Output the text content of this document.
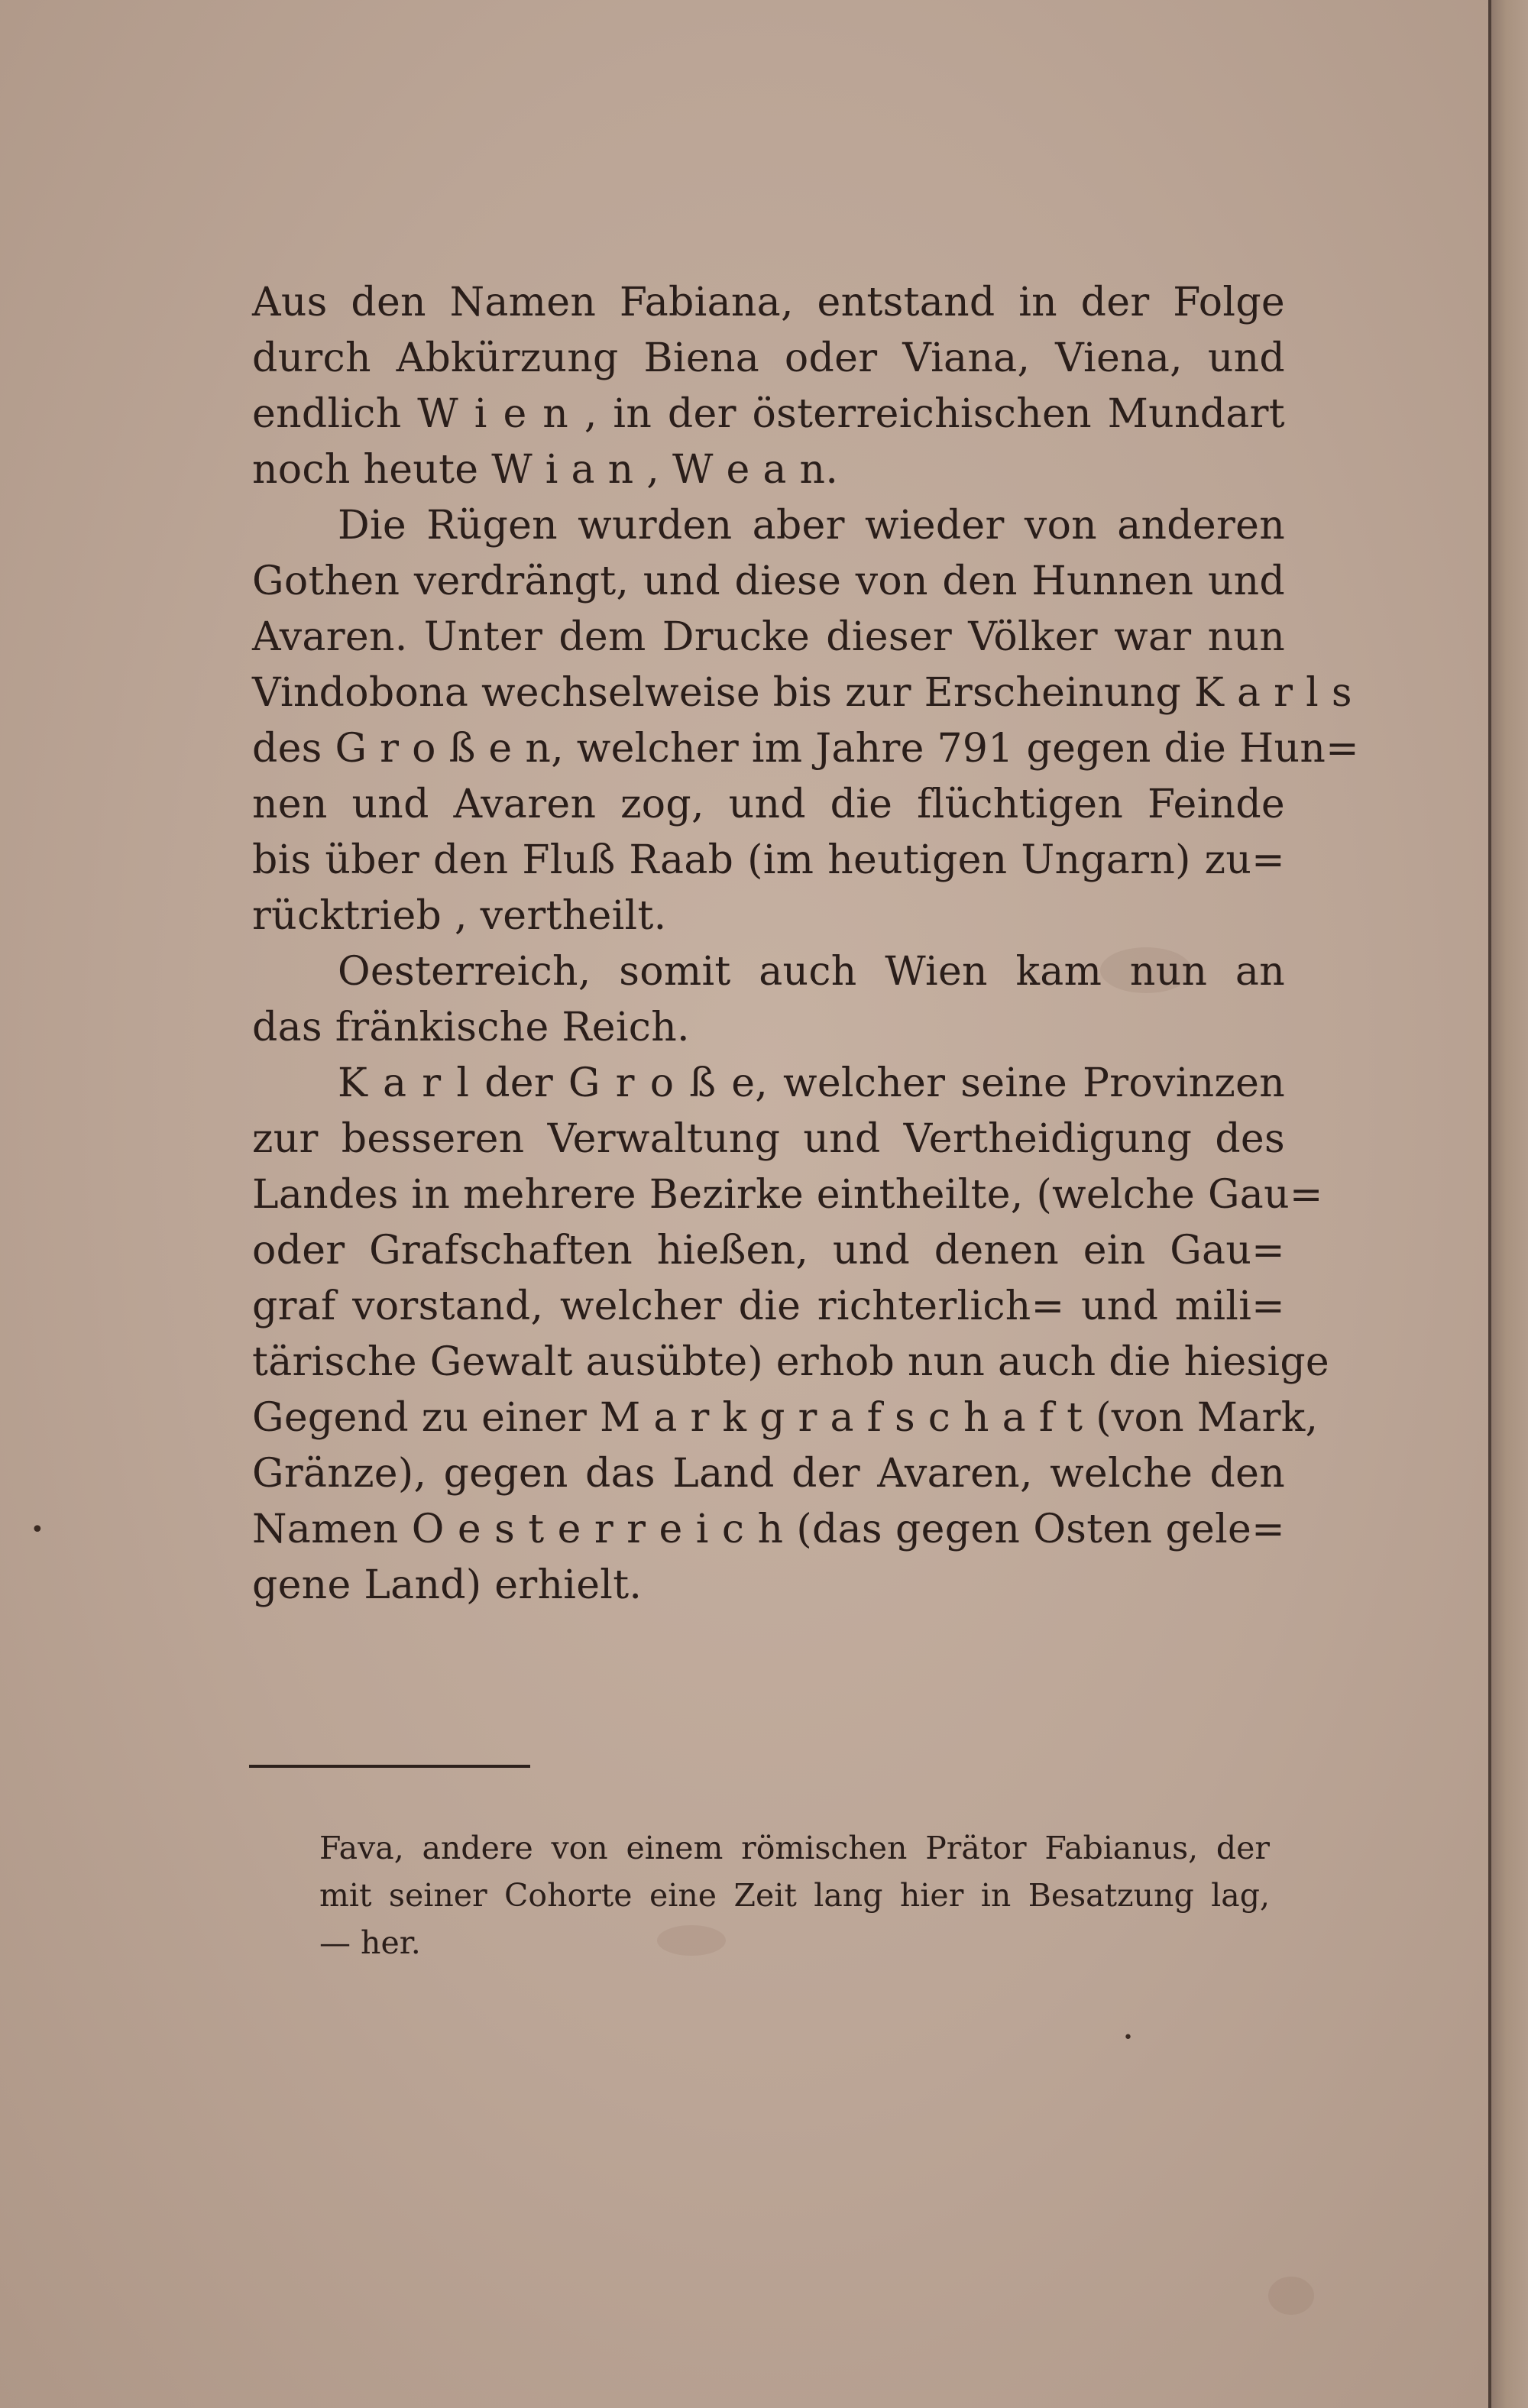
Aus den Namen Fabiana, entstand in der Folge
durch Abkürzung Biena oder Viana, Viena, und
endlich W i e n , in der österreichischen Mundart
noch heute W i a n , W e a n.
Die Rügen wurden aber wieder von anderen
Gothen verdrängt, und diese von den Hunnen und
Avaren. Unter dem Drucke dieser Völker war nun
Vindobona wechselweise bis zur Erscheinung K a r l s
des G r o ß e n, welcher im Jahre 791 gegen die Hun=
nen und Avaren zog, und die flüchtigen Feinde
bis über den Fluß Raab (im heutigen Ungarn) zu=
rücktrieb , vertheilt.
Oesterreich, somit auch Wien kam nun an
das fränkische Reich.
K a r l der G r o ß e, welcher seine Provinzen
zur besseren Verwaltung und Vertheidigung des
Landes in mehrere Bezirke eintheilte, (welche Gau=
oder Grafschaften hießen, und denen ein Gau=
graf vorstand, welcher die richterlich= und mili=
tärische Gewalt ausübte) erhob nun auch die hiesige
Gegend zu einer M a r k g r a f s c h a f t (von Mark,
Gränze), gegen das Land der Avaren, welche den
Namen O e s t e r r e i c h (das gegen Osten gele=
gene Land) erhielt.
Fava, andere von einem römischen Prätor Fabianus, der
mit seiner Cohorte eine Zeit lang hier in Besatzung lag,
— her.
•
•
